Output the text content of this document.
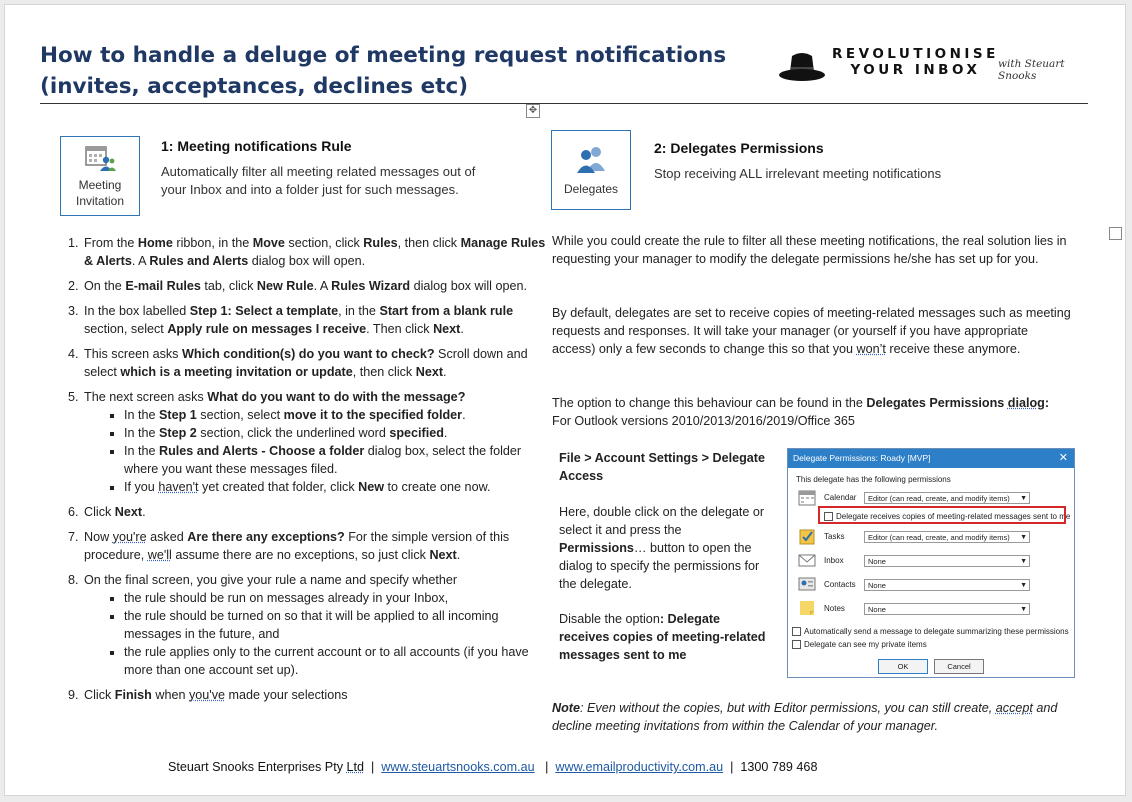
How to handle a deluge of meeting request notifications
(invites, acceptances, declines etc)
REVOLUTIONISE
YOUR INBOX	with Steuart Snooks
✥
Meeting
Invitation
1: Meeting notifications Rule
Automatically filter all meeting related messages out of your Inbox and into a folder just for such messages.
1. From the Home ribbon, in the Move section, click Rules, then click Manage Rules & Alerts. A Rules and Alerts dialog box will open.
2. On the E-mail Rules tab, click New Rule. A Rules Wizard dialog box will open.
3. In the box labelled Step 1: Select a template, in the Start from a blank rule section, select Apply rule on messages I receive. Then click Next.
4. This screen asks Which condition(s) do you want to check? Scroll down and select which is a meeting invitation or update, then click Next.
5. The next screen asks What do you want to do with the message?
▪ In the Step 1 section, select move it to the specified folder.
▪ In the Step 2 section, click the underlined word specified.
▪ In the Rules and Alerts - Choose a folder dialog box, select the folder where you want these messages filed.
▪ If you haven't yet created that folder, click New to create one now.
6. Click Next.
7. Now you're asked Are there any exceptions? For the simple version of this procedure, we'll assume there are no exceptions, so just click Next.
8. On the final screen, you give your rule a name and specify whether
▪ the rule should be run on messages already in your Inbox,
▪ the rule should be turned on so that it will be applied to all incoming messages in the future, and
▪ the rule applies only to the current account or to all accounts (if you have more than one account set up).
9. Click Finish when you've made your selections
Delegates
2: Delegates Permissions
Stop receiving ALL irrelevant meeting notifications
While you could create the rule to filter all these meeting notifications, the real solution lies in requesting your manager to modify the delegate permissions he/she has set up for you.
By default, delegates are set to receive copies of meeting-related messages such as meeting requests and responses. It will take your manager (or yourself if you have appropriate access) only a few seconds to change this so that you won’t receive these anymore.
The option to change this behaviour can be found in the Delegates Permissions dialog:
For Outlook versions 2010/2013/2016/2019/Office 365
File > Account Settings > Delegate Access
Here, double click on the delegate or select it and press the Permissions… button to open the dialog to specify the permissions for the delegate.
Disable the option: Delegate receives copies of meeting-related messages sent to me
Delegate Permissions: Roady [MVP]	✕
This delegate has the following permissions
Calendar	Editor (can read, create, and modify items) ▼
Delegate receives copies of meeting-related messages sent to me
Tasks	Editor (can read, create, and modify items) ▼
Inbox	None	▼
Contacts	None	▼
Notes	None	▼
Automatically send a message to delegate summarizing these permissions
Delegate can see my private items
OK	Cancel
Note: Even without the copies, but with Editor permissions, you can still create, accept and decline meeting invitations from within the Calendar of your manager.
Steuart Snooks Enterprises Pty Ltd  |  www.steuartsnooks.com.au   |  www.emailproductivity.com.au  |  1300 789 468
